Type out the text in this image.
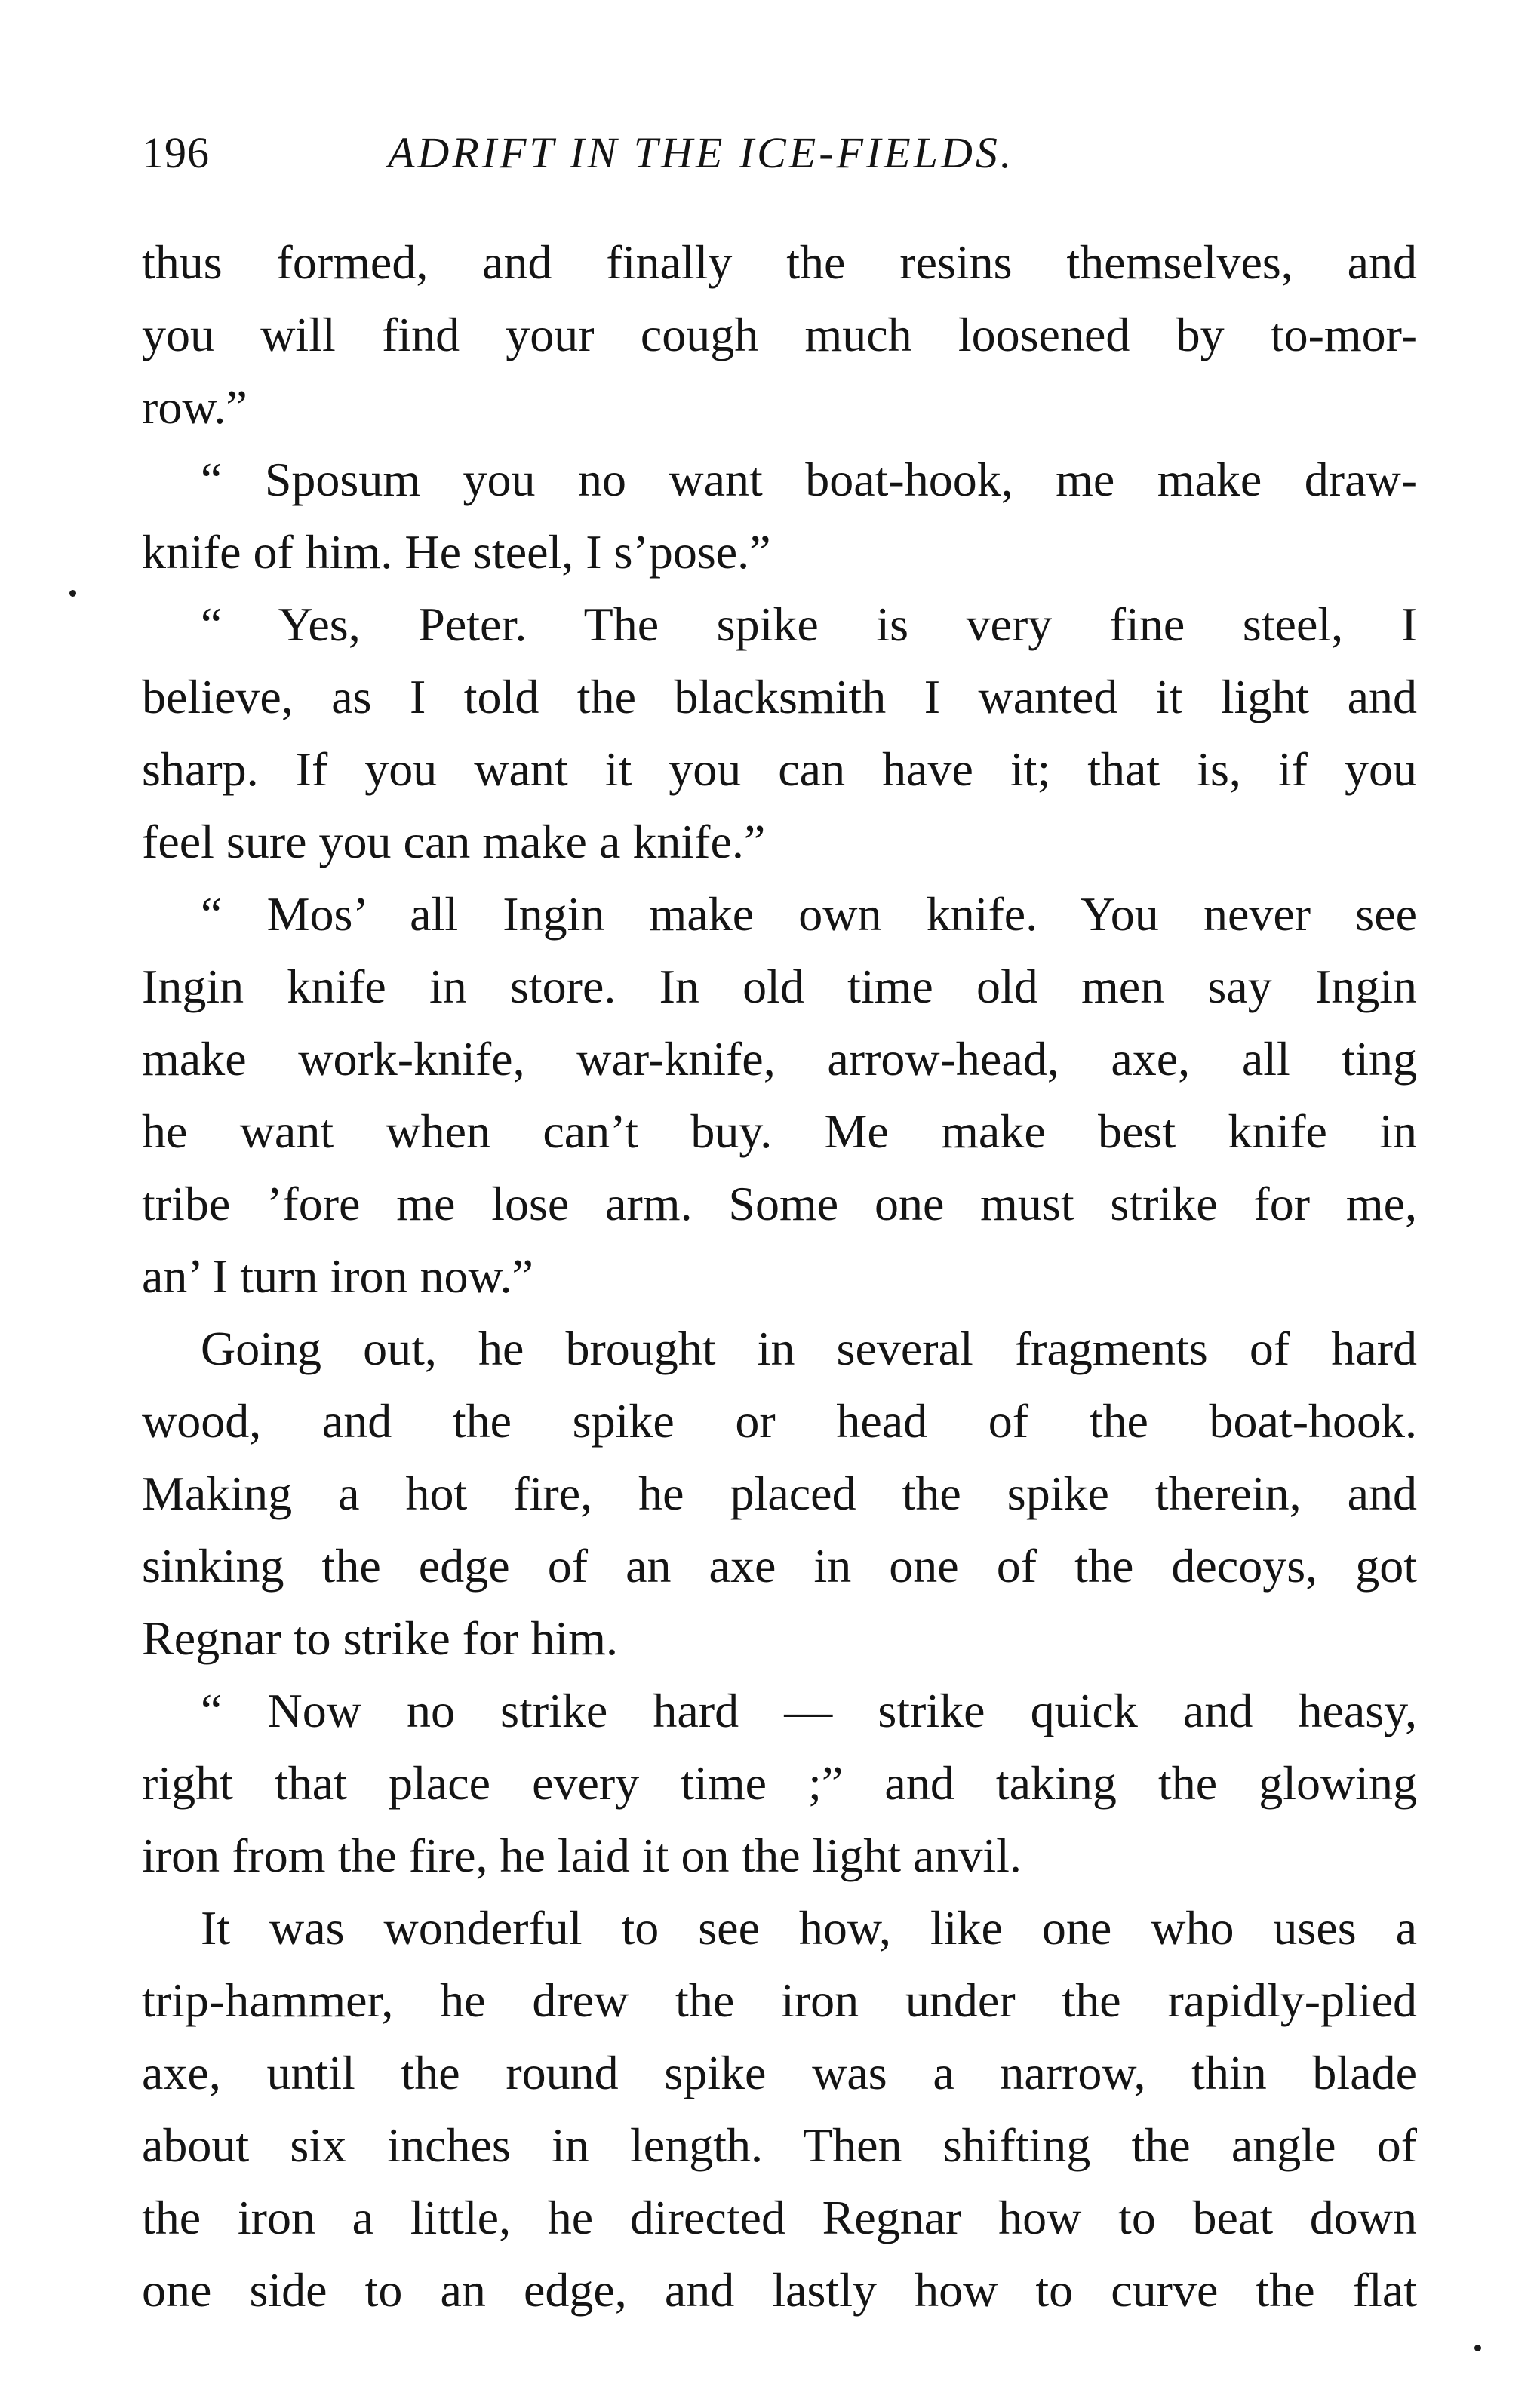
196	ADRIFT IN THE ICE-FIELDS.
thus formed, and finally the resins themselves, and
you will find your cough much loosened by to-mor-
row.”
“ Sposum you no want boat-hook, me make draw-
knife of him. He steel, I s’pose.”
“ Yes, Peter. The spike is very fine steel, I
believe, as I told the blacksmith I wanted it light and
sharp. If you want it you can have it; that is, if you
feel sure you can make a knife.”
“ Mos’ all Ingin make own knife. You never see
Ingin knife in store. In old time old men say Ingin
make work-knife, war-knife, arrow-head, axe, all ting
he want when can’t buy. Me make best knife in
tribe ’fore me lose arm. Some one must strike for me,
an’ I turn iron now.”
Going out, he brought in several fragments of hard
wood, and the spike or head of the boat-hook.
Making a hot fire, he placed the spike therein, and
sinking the edge of an axe in one of the decoys, got
Regnar to strike for him.
“ Now no strike hard — strike quick and heasy,
right that place every time ;” and taking the glowing
iron from the fire, he laid it on the light anvil.
It was wonderful to see how, like one who uses a
trip-hammer, he drew the iron under the rapidly-plied
axe, until the round spike was a narrow, thin blade
about six inches in length. Then shifting the angle of
the iron a little, he directed Regnar how to beat down
one side to an edge, and lastly how to curve the flat
